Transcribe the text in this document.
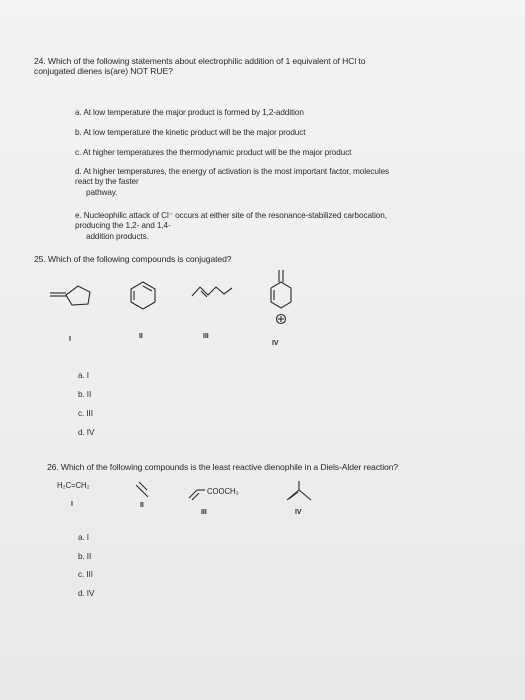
24. Which of the following statements about electrophilic addition of 1 equivalent of HCl to
conjugated dienes is(are) NOT RUE?
a. At low temperature the major product is formed by 1,2-addition
b. At low temperature the kinetic product will be the major product
c. At higher temperatures the thermodynamic product will be the major product
d. At higher temperatures, the energy of activation is the most important factor, molecules
react by the faster
pathway.
e. Nucleophilic attack of Cl⁻ occurs at either site of the resonance-stabilized carbocation,
producing the 1,2- and 1,4-
addition products.
25. Which of the following compounds is conjugated?
I	II	III
IV
a. I
b. II
c. III
d. IV
26. Which of the following compounds is the least reactive dienophile in a Diels-Alder reaction?
H₂C=CH₂
COOCH₃
I	II
III	IV
a. I
b. II
c. III
d. IV
